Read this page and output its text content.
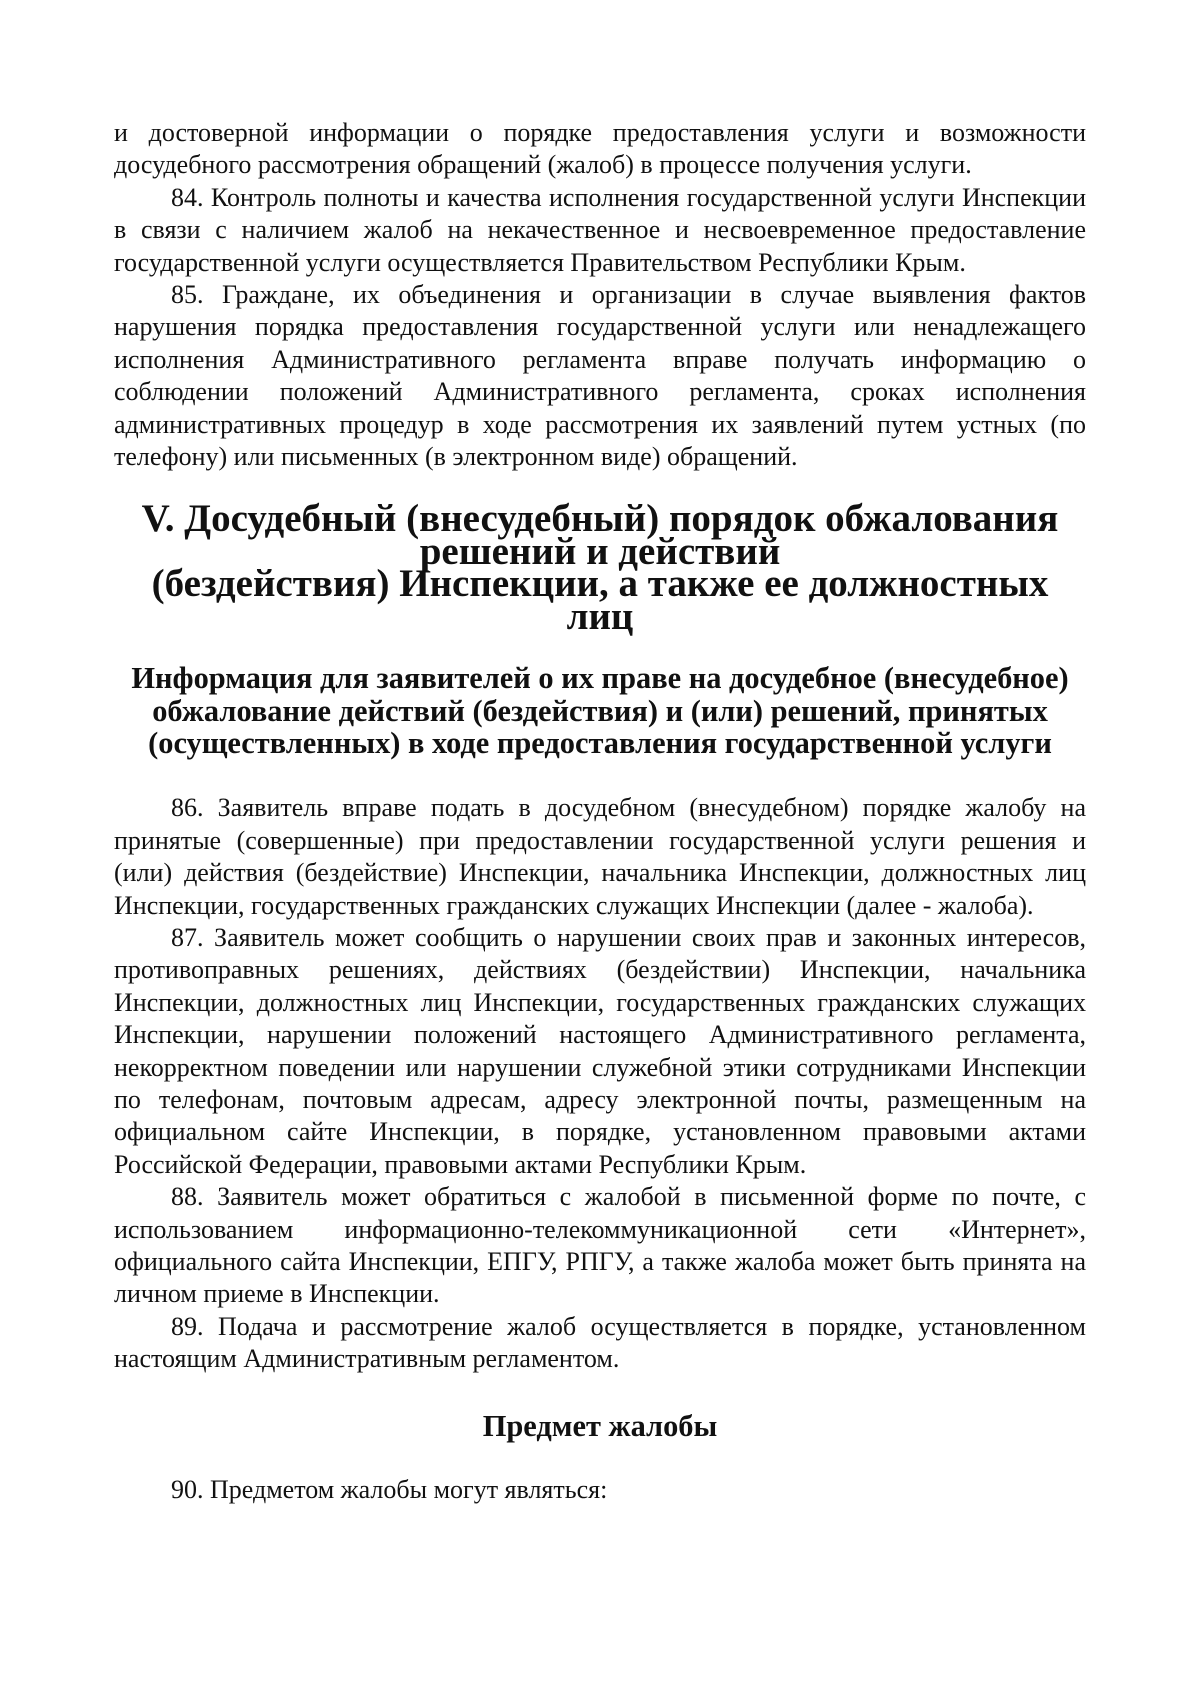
и достоверной информации о порядке предоставления услуги и возможности досудебного рассмотрения обращений (жалоб) в процессе получения услуги.

84. Контроль полноты и качества исполнения государственной услуги Инспекции в связи с наличием жалоб на некачественное и несвоевременное предоставление государственной услуги осуществляется Правительством Республики Крым.

85. Граждане, их объединения и организации в случае выявления фактов нарушения порядка предоставления государственной услуги или ненадлежащего исполнения Административного регламента вправе получать информацию о соблюдении положений Административного регламента, сроках исполнения административных процедур в ходе рассмотрения их заявлений путем устных (по телефону) или письменных (в электронном виде) обращений.

V. Досудебный (внесудебный) порядок обжалования решений и действий
(бездействия) Инспекции, а также ее должностных лиц
Информация для заявителей о их праве на досудебное (внесудебное)
обжалование действий (бездействия) и (или) решений, принятых
(осуществленных) в ходе предоставления государственной услуги

86. Заявитель вправе подать в досудебном (внесудебном) порядке жалобу на принятые (совершенные) при предоставлении государственной услуги решения и (или) действия (бездействие) Инспекции, начальника Инспекции, должностных лиц Инспекции, государственных гражданских служащих Инспекции (далее - жалоба).

87. Заявитель может сообщить о нарушении своих прав и законных интересов, противоправных решениях, действиях (бездействии) Инспекции, начальника Инспекции, должностных лиц Инспекции, государственных гражданских служащих Инспекции, нарушении положений настоящего Административного регламента, некорректном поведении или нарушении служебной этики сотрудниками Инспекции по телефонам, почтовым адресам, адресу электронной почты, размещенным на официальном сайте Инспекции, в порядке, установленном правовыми актами Российской Федерации, правовыми актами Республики Крым.

88. Заявитель может обратиться с жалобой в письменной форме по почте, с использованием информационно-телекоммуникационной сети «Интернет», официального сайта Инспекции, ЕПГУ, РПГУ, а также жалоба может быть принята на личном приеме в Инспекции.

89. Подача и рассмотрение жалоб осуществляется в порядке, установленном настоящим Административным регламентом.

Предмет жалобы

90. Предметом жалобы могут являться:
